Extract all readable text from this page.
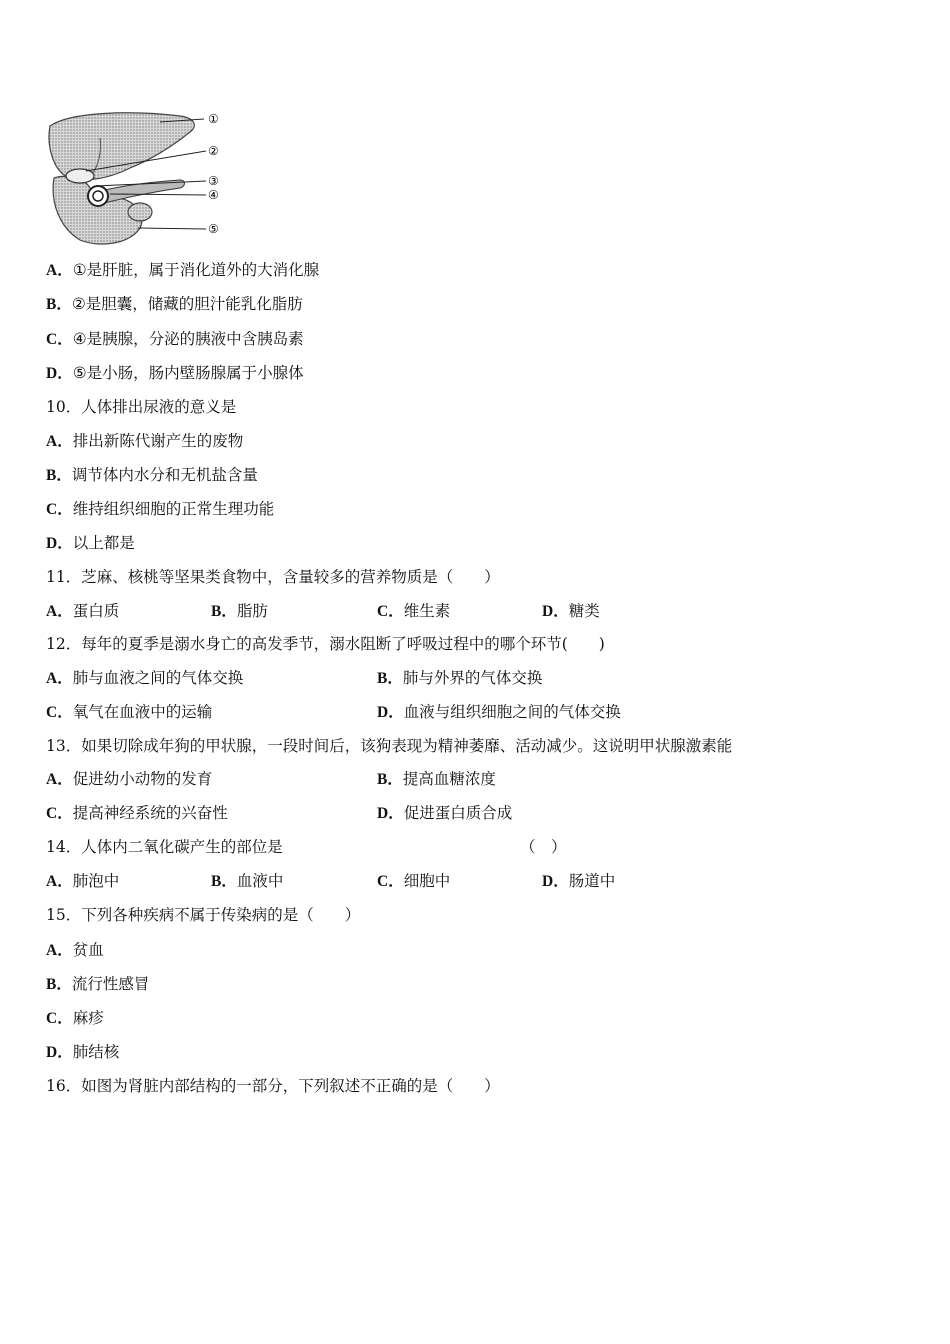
①
②
③
④
⑤
A．①是肝脏，属于消化道外的大消化腺
B．②是胆囊，储藏的胆汁能乳化脂肪
C．④是胰腺，分泌的胰液中含胰岛素
D．⑤是小肠，肠内壁肠腺属于小腺体
10．人体排出尿液的意义是
A．排出新陈代谢产生的废物
B．调节体内水分和无机盐含量
C．维持组织细胞的正常生理功能
D．以上都是
11．芝麻、核桃等坚果类食物中，含量较多的营养物质是（　　）
A．蛋白质	B．脂肪	C．维生素	D．糖类
12．每年的夏季是溺水身亡的高发季节，溺水阻断了呼吸过程中的哪个环节(　　)
A．肺与血液之间的气体交换	B．肺与外界的气体交换
C．氧气在血液中的运输	D．血液与组织细胞之间的气体交换
13．如果切除成年狗的甲状腺，一段时间后，该狗表现为精神萎靡、活动减少。这说明甲状腺激素能
A．促进幼小动物的发育	B．提高血糖浓度
C．提高神经系统的兴奋性	D．促进蛋白质合成
14．人体内二氧化碳产生的部位是	（　）
A．肺泡中	B．血液中	C．细胞中	D．肠道中
15．下列各种疾病不属于传染病的是（　　）
A．贫血
B．流行性感冒
C．麻疹
D．肺结核
16．如图为肾脏内部结构的一部分，下列叙述不正确的是（　　）
